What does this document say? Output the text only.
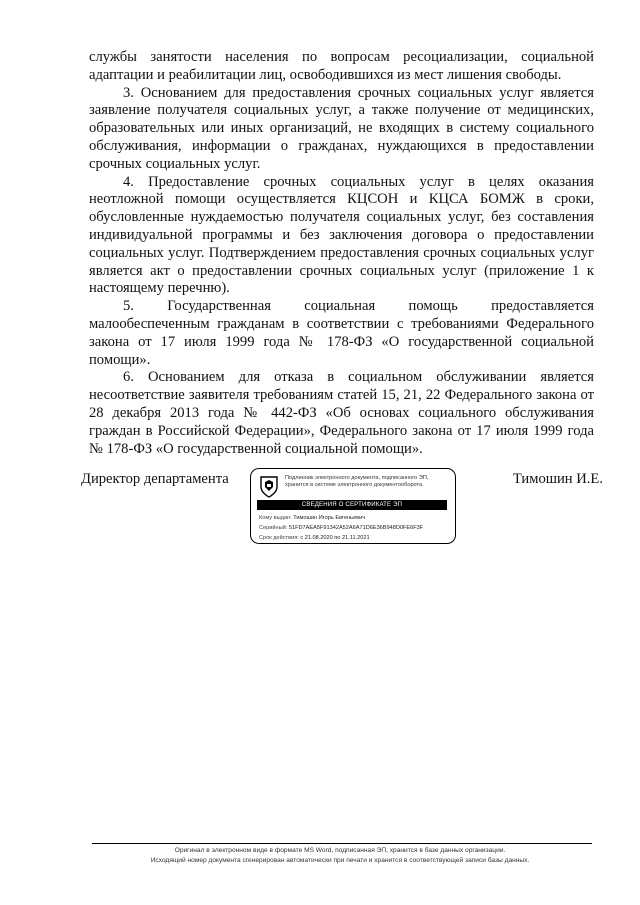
службы занятости населения по вопросам ресоциализации, социальной адаптации и реабилитации лиц, освободившихся из мест лишения свободы.

3. Основанием для предоставления срочных социальных услуг является заявление получателя социальных услуг, а также получение от медицинских, образовательных или иных организаций, не входящих в систему социального обслуживания, информации о гражданах, нуждающихся в предоставлении срочных социальных услуг.

4. Предоставление срочных социальных услуг в целях оказания неотложной помощи осуществляется КЦСОН и КЦСА БОМЖ в сроки, обусловленные нуждаемостью получателя социальных услуг, без составления индивидуальной программы и без заключения договора о предоставлении социальных услуг. Подтверждением предоставления срочных социальных услуг является акт о предоставлении срочных социальных услуг (приложение 1 к настоящему перечню).

5. Государственная социальная помощь предоставляется малообеспеченным гражданам в соответствии с требованиями Федерального закона от 17 июля 1999 года № 178-ФЗ «О государственной социальной помощи».

6. Основанием для отказа в социальном обслуживании является несоответствие заявителя требованиям статей 15, 21, 22 Федерального закона от 28 декабря 2013 года № 442-ФЗ «Об основах социального обслуживания граждан в Российской Федерации», Федерального закона от 17 июля 1999 года № 178-ФЗ «О государственной социальной помощи».

Директор департамента	Подлинник электронного документа, подписанного ЭП, хранится в системе электронного документооборота.
СВЕДЕНИЯ О СЕРТИФИКАТЕ ЭП
Кому выдан: Тимошин Игорь Евгеньевич
Серийный: 51FD7AEA5F91342A52A6A71D6E36B948D0FE6F3F
Срок действия: с 21.08.2020 по 21.11.2021
Тимошин И.Е.
Оригинал в электронном виде в формате MS Word, подписанная ЭП, хранится в базе данных организации.
Исходящий номер документа сгенерирован автоматически при печати и хранится в соответствующей записи базы данных.
